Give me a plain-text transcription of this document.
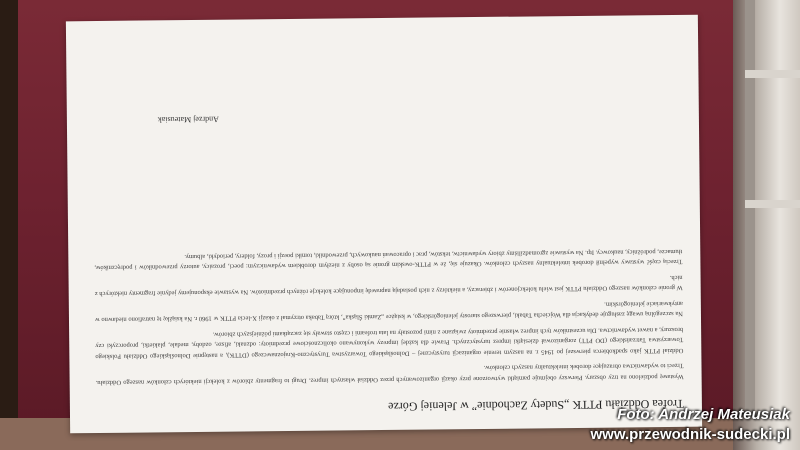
Trofea Oddziału PTTK „Sudety Zachodnie” w Jeleniej Górze

Wystawę podzielono na trzy obszary. Pierwszy obejmuje pamiątki wytworzone przy okazji organizowanych przez Oddział własnych imprez. Drugi to fragmenty zbiorów z kolekcji niektórych członków naszego Oddziału. Trzeci to wydawnictwa obrazujące dorobek intelektualny naszych członków.

Oddział PTTK jako spadkobierca pierwszej po 1945 r. na naszym terenie organizacji turystycznej – Dolnośląskiego Towarzystwa Turystyczno-Krajoznawczego (DTTK), a następnie Dolnośląskiego Oddziału Polskiego Towarzystwa Tatrzańskiego (DO PTT) zorganizował dziesiątki imprez turystycznych. Prawie dla każdej imprezy wykonywano okolicznościowe przedmioty: odznaki, afisze, ozdoby, medale, plakietki, proporczyki czy broszury, a nawet wydawnictwa. Dla uczestników tych imprez własnie przedmioty związane z nimi pozostały na lata trofeami i często stawały się zaczątkami późniejszych zbiorów.

Na szczególną uwagę zasługuje dedykacja dla Wojciecha Tabaki, pierwszego starosty jeleniogórskiego, w książce „Zamki Śląska”, którą Tabaka otrzymał z okazji X-lecia PTTK w 1960 r. Na książkę tę natrafiono niedawno w antykwariacie jeleniogórskim.

W gronie członków naszego Oddziału PTTK jest wielu kolekcjonerów i zbieraczy, a niektórzy z nich posiadają naprawdę imponujące kolekcje różnych przedmiotów. Na wystawie eksponujemy jedynie fragmenty niektórych z nich.

Trzecią część wystawy wypełnił dorobek intelektualny naszych członków. Okazuje się, że w PTTK-owskim gronie są osoby z niezłym dorobkiem wydawniczym: poeci, prozaicy, autorzy przewodników i podręczników, tłumacze, podróżnicy, naukowcy. Itp. Na wystawie zgromadziliśmy zbiory wydawnictw, tekstów, prac i opracowań naukowych, przewodniki, tomiki poezji i prozy, foldery, periodyki, albumy.

Andrzej Mateusiak
Foto: Andrzej Mateusiak
www.przewodnik-sudecki.pl
